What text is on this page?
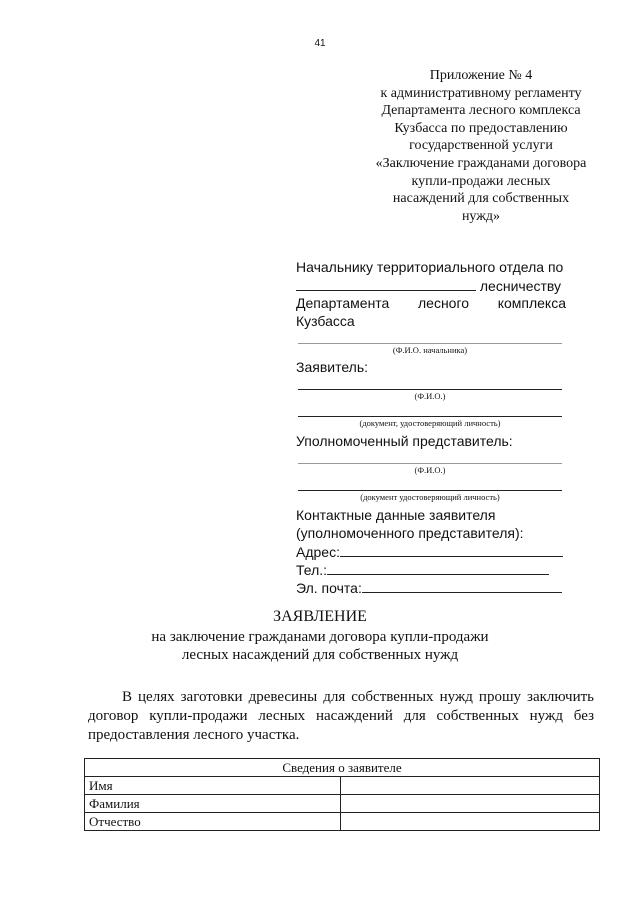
41
Приложение № 4
к административному регламенту
Департамента лесного комплекса
Кузбасса по предоставлению
государственной услуги
«Заключение гражданами договора
купли-продажи лесных
насаждений для собственных
нужд»
Начальнику территориального отдела по
лесничеству
Департамента лесного комплекса
Кузбасса
(Ф.И.О. начальника)
Заявитель:
(Ф.И.О.)
(документ, удостоверяющий личность)
Уполномоченный представитель:
(Ф.И.О.)
(документ удостоверяющий личность)
Контактные данные заявителя
(уполномоченного представителя):
Адрес:
Тел.:
Эл. почта:
ЗАЯВЛЕНИЕ
на заключение гражданами договора купли-продажи
лесных насаждений для собственных нужд
В целях заготовки древесины для собственных нужд прошу заключить
договор купли-продажи лесных насаждений для собственных нужд без
предоставления лесного участка.
Сведения о заявителе	
Имя	
Фамилия	
Отчество	
